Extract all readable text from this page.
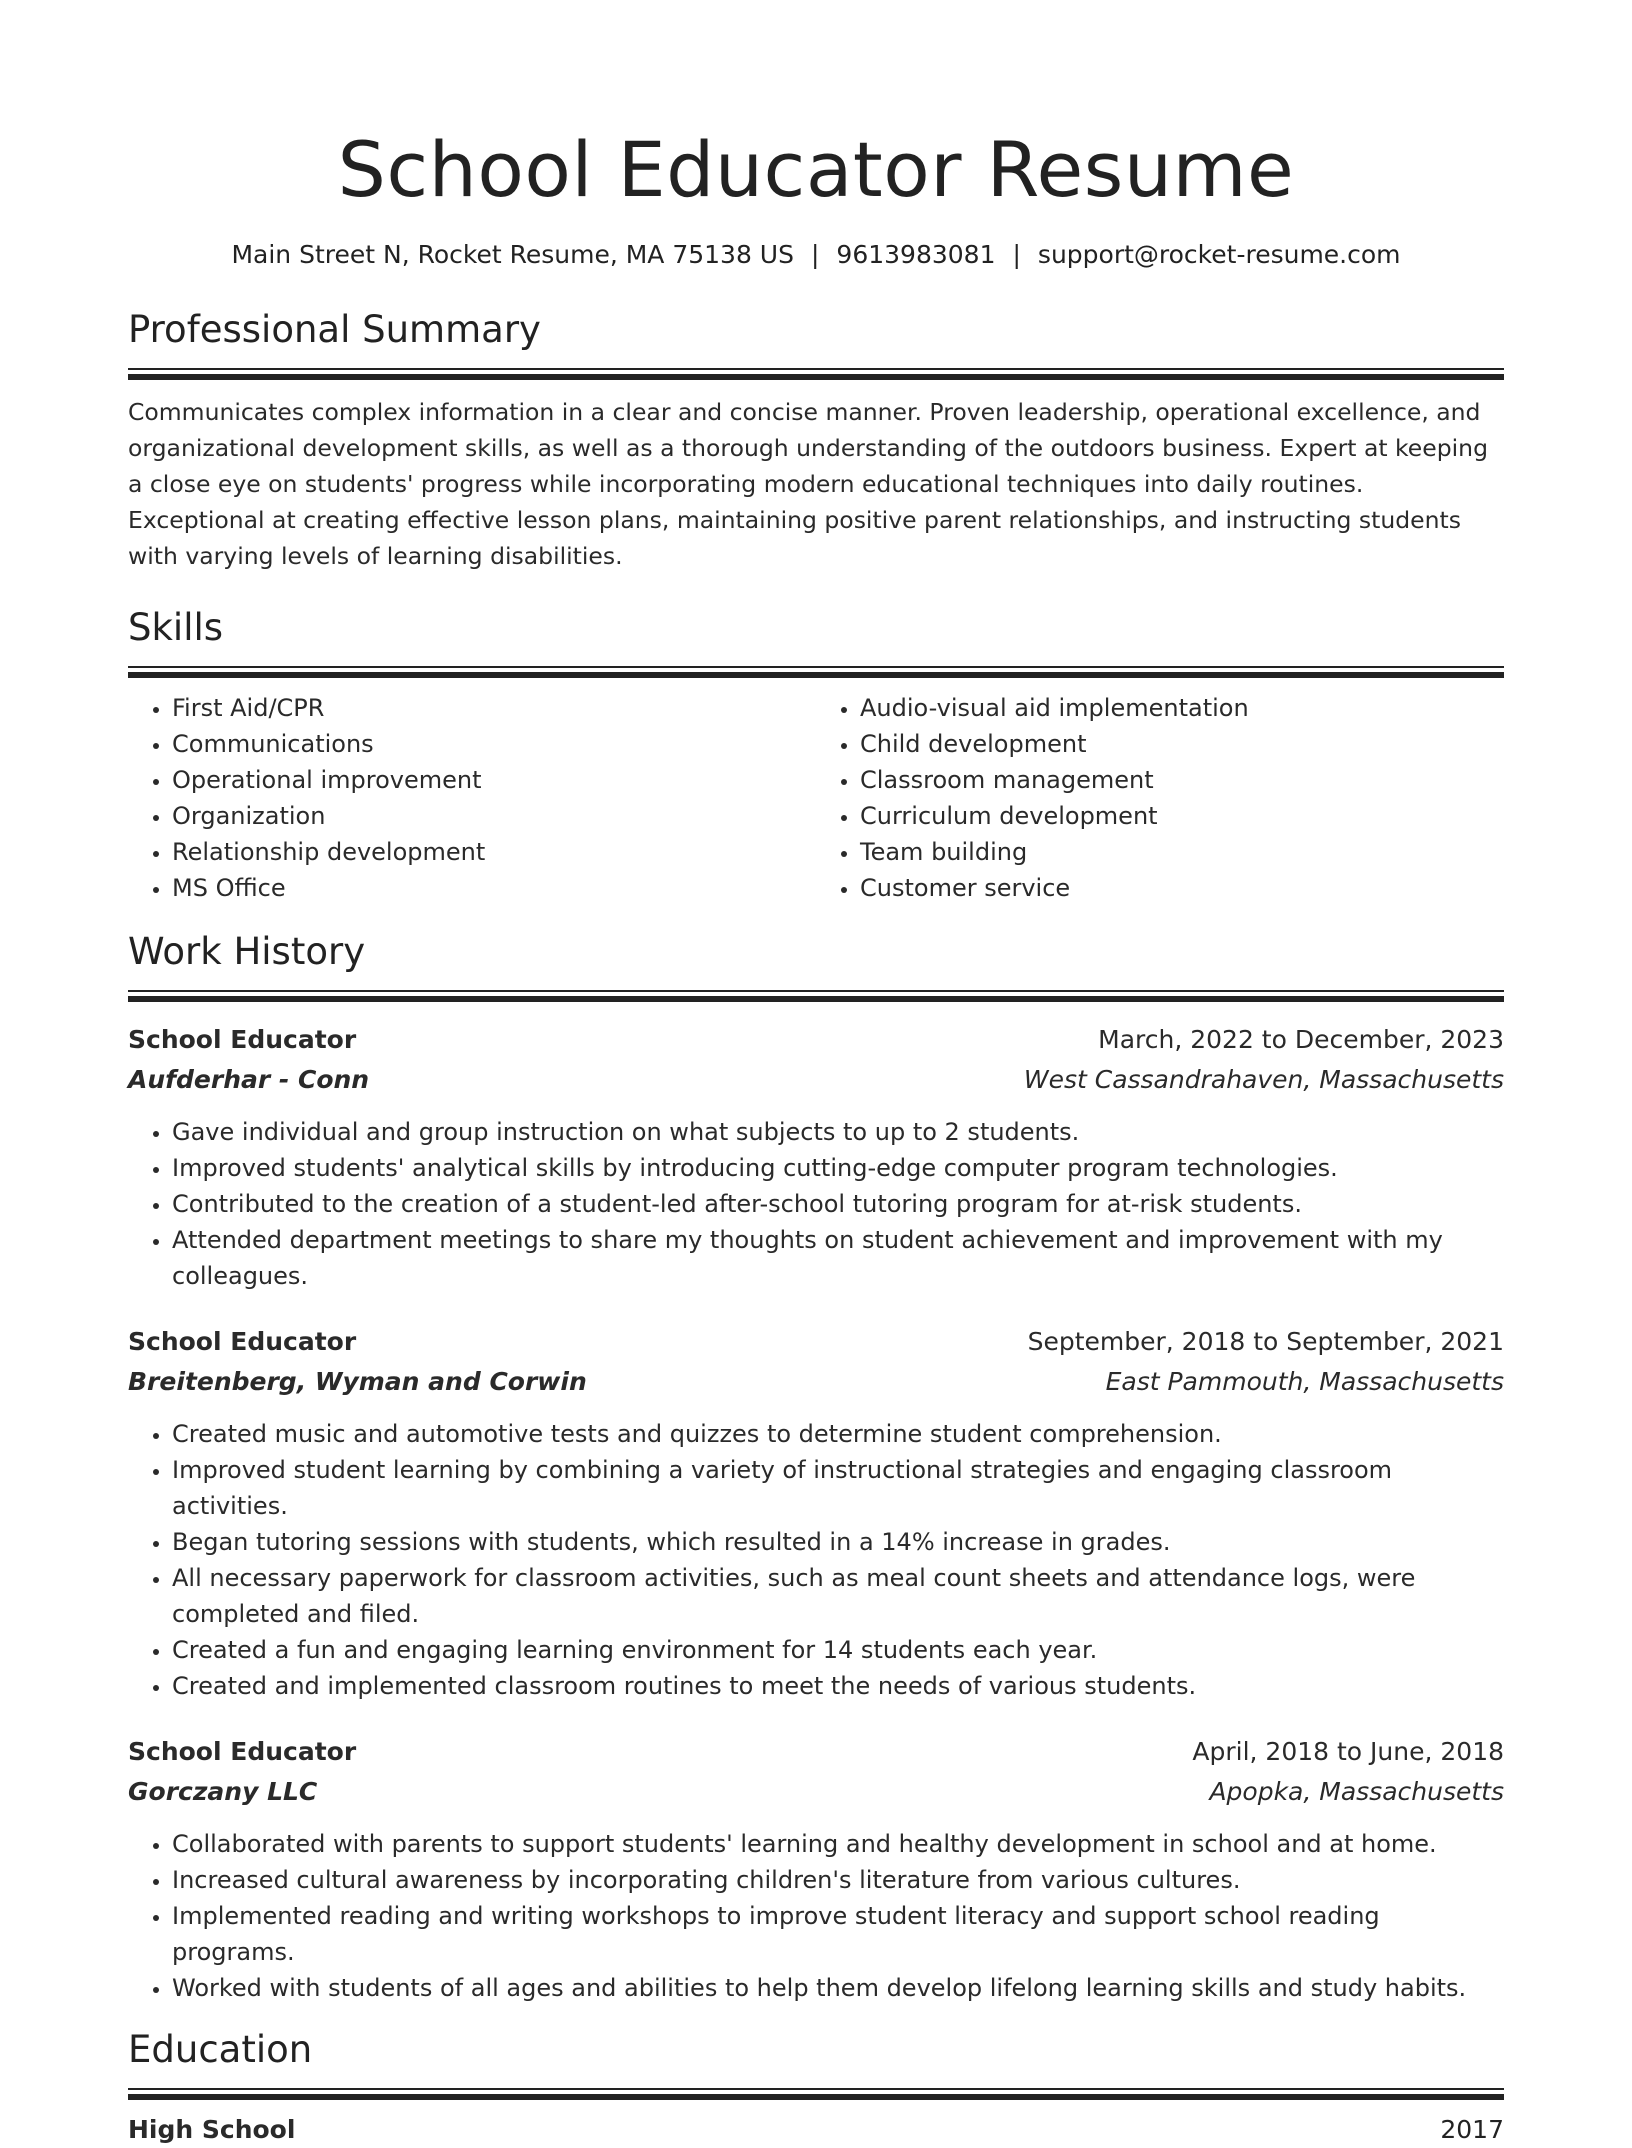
School Educator Resume
Main Street N, Rocket Resume, MA 75138 US | 9613983081 | support@rocket-resume.com
Professional Summary

Communicates complex information in a clear and concise manner. Proven leadership, operational excellence, and organizational development skills, as well as a thorough understanding of the outdoors business. Expert at keeping a close eye on students' progress while incorporating modern educational techniques into daily routines. Exceptional at creating effective lesson plans, maintaining positive parent relationships, and instructing students with varying levels of learning disabilities.

Skills
• First Aid/CPR
• Communications
• Operational improvement
• Organization
• Relationship development
• MS Office
• Audio-visual aid implementation
• Child development
• Classroom management
• Curriculum development
• Team building
• Customer service
Work History
School Educator	March, 2022 to December, 2023
Aufderhar - Conn	West Cassandrahaven, Massachusetts
• Gave individual and group instruction on what subjects to up to 2 students.
• Improved students' analytical skills by introducing cutting-edge computer program technologies.
• Contributed to the creation of a student-led after-school tutoring program for at-risk students.
• Attended department meetings to share my thoughts on student achievement and improvement with my colleagues.
School Educator	September, 2018 to September, 2021
Breitenberg, Wyman and Corwin	East Pammouth, Massachusetts
• Created music and automotive tests and quizzes to determine student comprehension.
• Improved student learning by combining a variety of instructional strategies and engaging classroom activities.
• Began tutoring sessions with students, which resulted in a 14% increase in grades.
• All necessary paperwork for classroom activities, such as meal count sheets and attendance logs, were completed and filed.
• Created a fun and engaging learning environment for 14 students each year.
• Created and implemented classroom routines to meet the needs of various students.
School Educator	April, 2018 to June, 2018
Gorczany LLC	Apopka, Massachusetts
• Collaborated with parents to support students' learning and healthy development in school and at home.
• Increased cultural awareness by incorporating children's literature from various cultures.
• Implemented reading and writing workshops to improve student literacy and support school reading programs.
• Worked with students of all ages and abilities to help them develop lifelong learning skills and study habits.
Education
High School	2017
